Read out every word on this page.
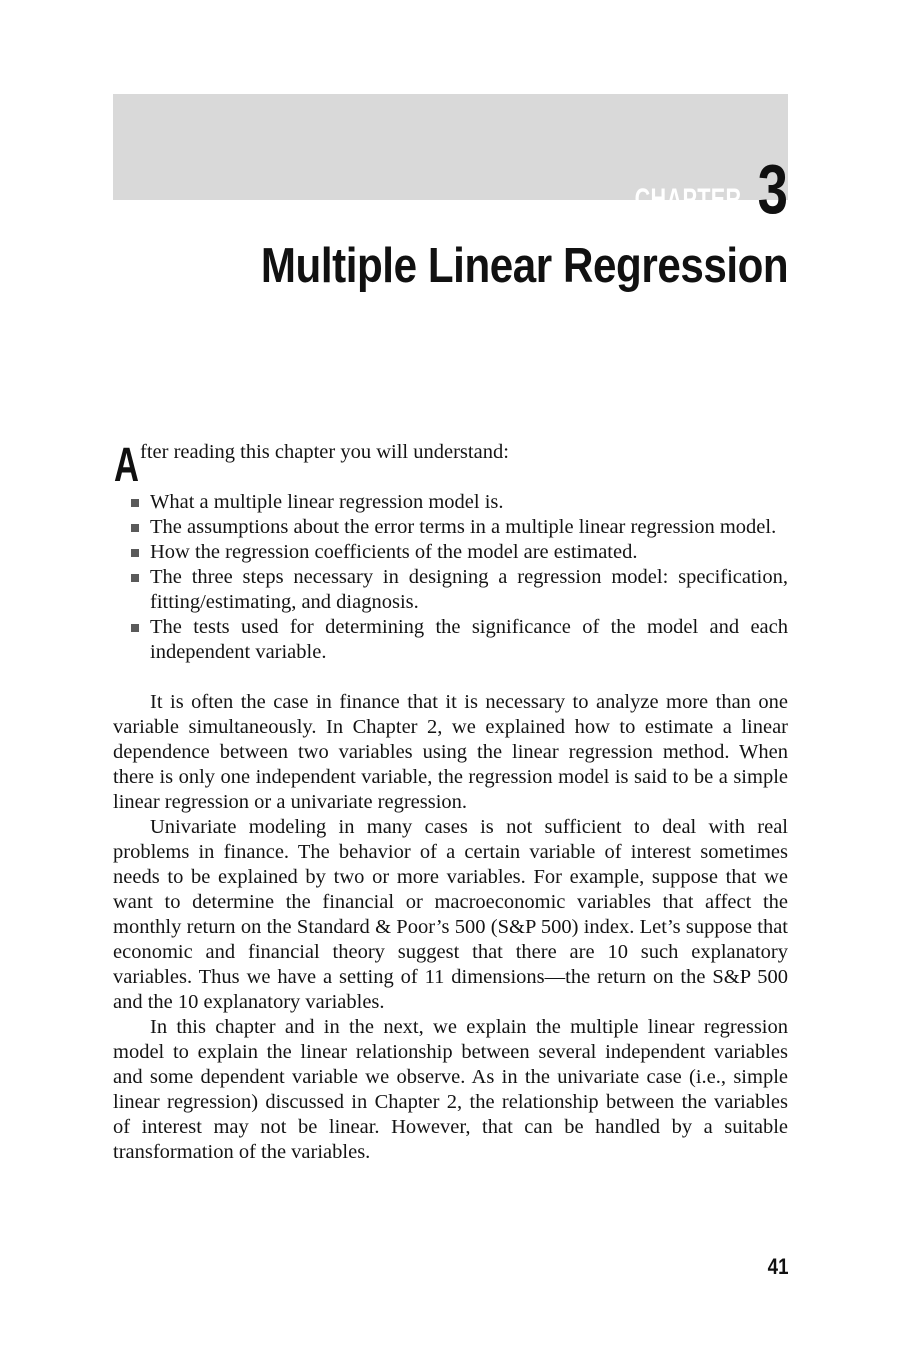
CHAPTER 3
Multiple Linear Regression

A fter reading this chapter you will understand:

What a multiple linear regression model is.
The assumptions about the error terms in a multiple linear regression model.
How the regression coefficients of the model are estimated.
The three steps necessary in designing a regression model: specification, fitting/estimating, and diagnosis.
The tests used for determining the significance of the model and each independent variable.

It is often the case in finance that it is necessary to analyze more than one variable simultaneously. In Chapter 2, we explained how to estimate a linear dependence between two variables using the linear regression method. When there is only one independent variable, the regression model is said to be a simple linear regression or a univariate regression.

Univariate modeling in many cases is not sufficient to deal with real problems in finance. The behavior of a certain variable of interest sometimes needs to be explained by two or more variables. For example, suppose that we want to determine the financial or macroeconomic variables that affect the monthly return on the Standard & Poor’s 500 (S&P 500) index. Let’s suppose that economic and financial theory suggest that there are 10 such explanatory variables. Thus we have a setting of 11 dimensions—the return on the S&P 500 and the 10 explanatory variables.

In this chapter and in the next, we explain the multiple linear regression model to explain the linear relationship between several independent variables and some dependent variable we observe. As in the univariate case (i.e., simple linear regression) discussed in Chapter 2, the relationship between the variables of interest may not be linear. However, that can be handled by a suitable transformation of the variables.

41
